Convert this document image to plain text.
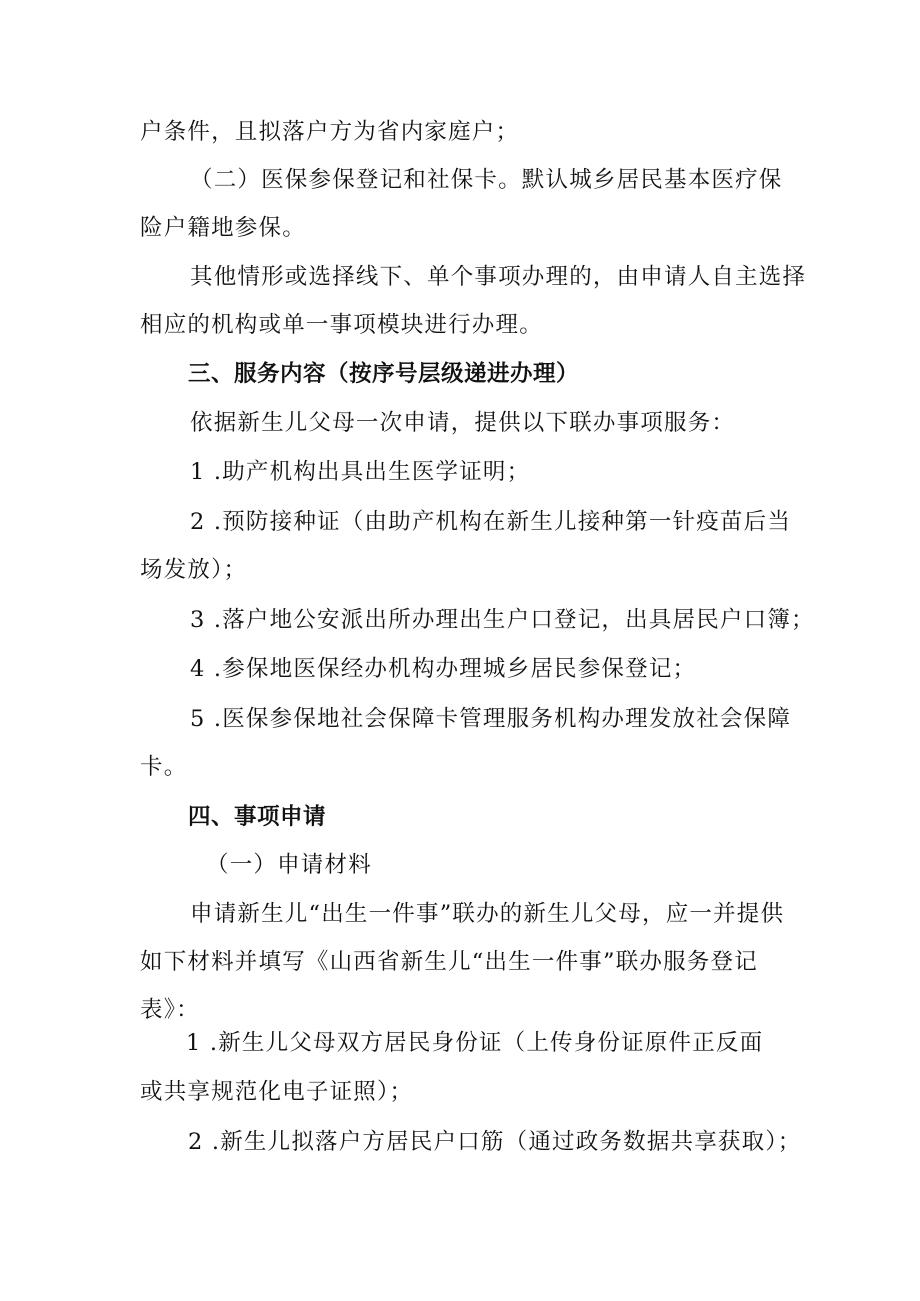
户条件，且拟落户方为省内家庭户；
（二）医保参保登记和社保卡。默认城乡居民基本医疗保
险户籍地参保。
其他情形或选择线下、单个事项办理的，由申请人自主选择
相应的机构或单一事项模块进行办理。
三、服务内容（按序号层级递进办理）
依据新生儿父母一次申请，提供以下联办事项服务：
1 .助产机构出具出生医学证明；
2 .预防接种证（由助产机构在新生儿接种第一针疫苗后当
场发放）；
3 .落户地公安派出所办理出生户口登记，出具居民户口簿；
4 .参保地医保经办机构办理城乡居民参保登记；
5 .医保参保地社会保障卡管理服务机构办理发放社会保障
卡。
四、事项申请
（一）申请材料
申请新生儿“出生一件事”联办的新生儿父母，应一并提供
如下材料并填写《山西省新生儿“出生一件事”联办服务登记
表》：
1 .新生儿父母双方居民身份证（上传身份证原件正反面
或共享规范化电子证照）；
2 .新生儿拟落户方居民户口筋（通过政务数据共享获取）；
